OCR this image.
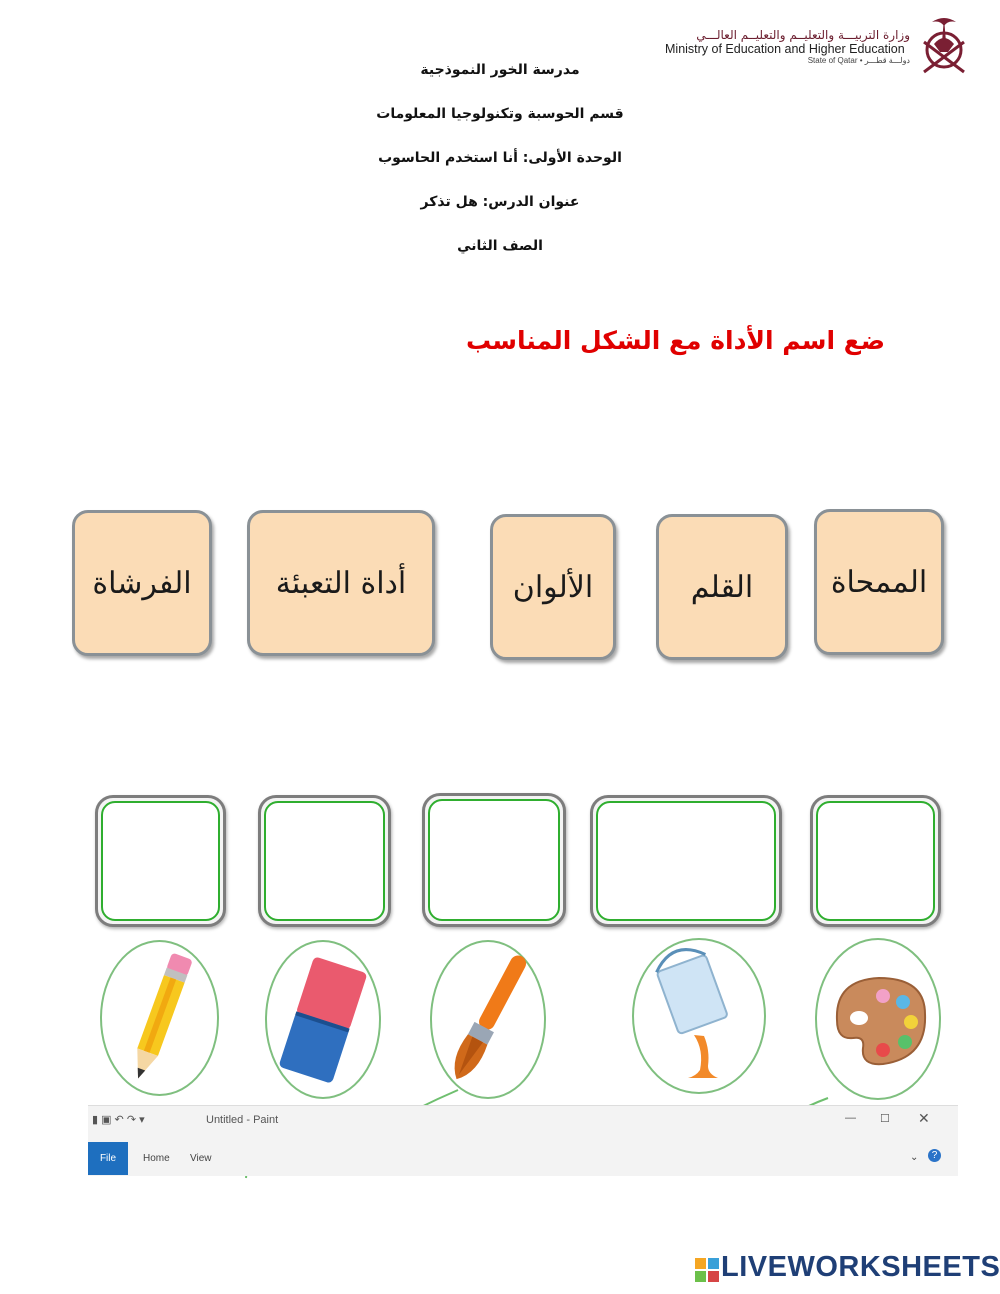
وزارة التربيـــة والتعليــم والتعليــم العالـــي
Ministry of Education and Higher Education
State of Qatar • دولـــة قطـــر
مدرسة الخور النموذجية
قسم الحوسبة وتكنولوجيا المعلومات
الوحدة الأولى: أنا استخدم الحاسوب
عنوان الدرس: هل تذكر
الصف الثاني
ضع اسم الأداة مع الشكل المناسب
الفرشاة	أداة التعبئة	الألوان	القلم	الممحاة
▮ ▣ ↶ ↷ ▾	Untitled - Paint	— ☐ ✕
File	Home View	⌄	?
LIVEWORKSHEETS
